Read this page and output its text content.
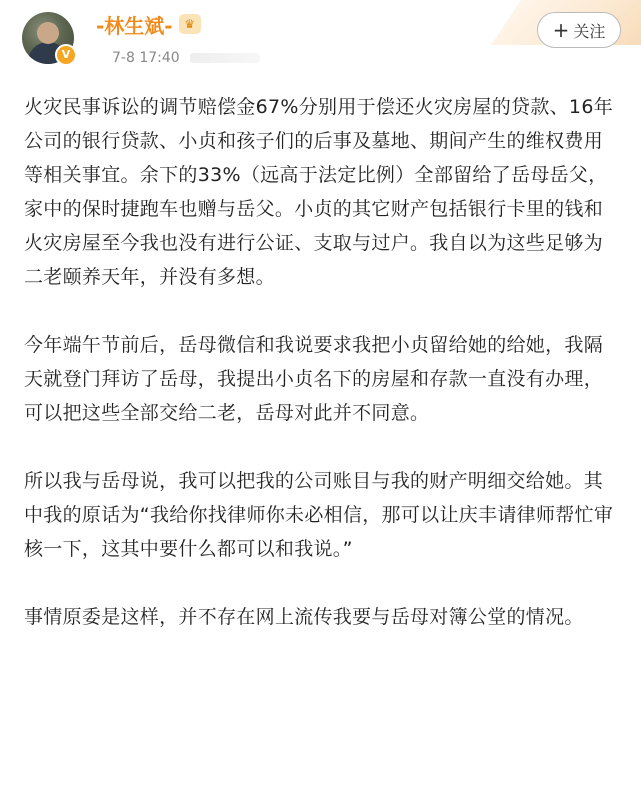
V
-林生斌- ♛
7-8 17:40
+ 关注

火灾民事诉讼的调节赔偿金67%分别用于偿还火灾房屋的贷款、16年公司的银行贷款、小贞和孩子们的后事及墓地、期间产生的维权费用等相关事宜。余下的33%（远高于法定比例）全部留给了岳母岳父，家中的保时捷跑车也赠与岳父。小贞的其它财产包括银行卡里的钱和火灾房屋至今我也没有进行公证、支取与过户。我自以为这些足够为二老颐养天年，并没有多想。

今年端午节前后，岳母微信和我说要求我把小贞留给她的给她，我隔天就登门拜访了岳母，我提出小贞名下的房屋和存款一直没有办理，可以把这些全部交给二老，岳母对此并不同意。

所以我与岳母说，我可以把我的公司账目与我的财产明细交给她。其中我的原话为“我给你找律师你未必相信，那可以让庆丰请律师帮忙审核一下，这其中要什么都可以和我说。”

事情原委是这样，并不存在网上流传我要与岳母对簿公堂的情况。
